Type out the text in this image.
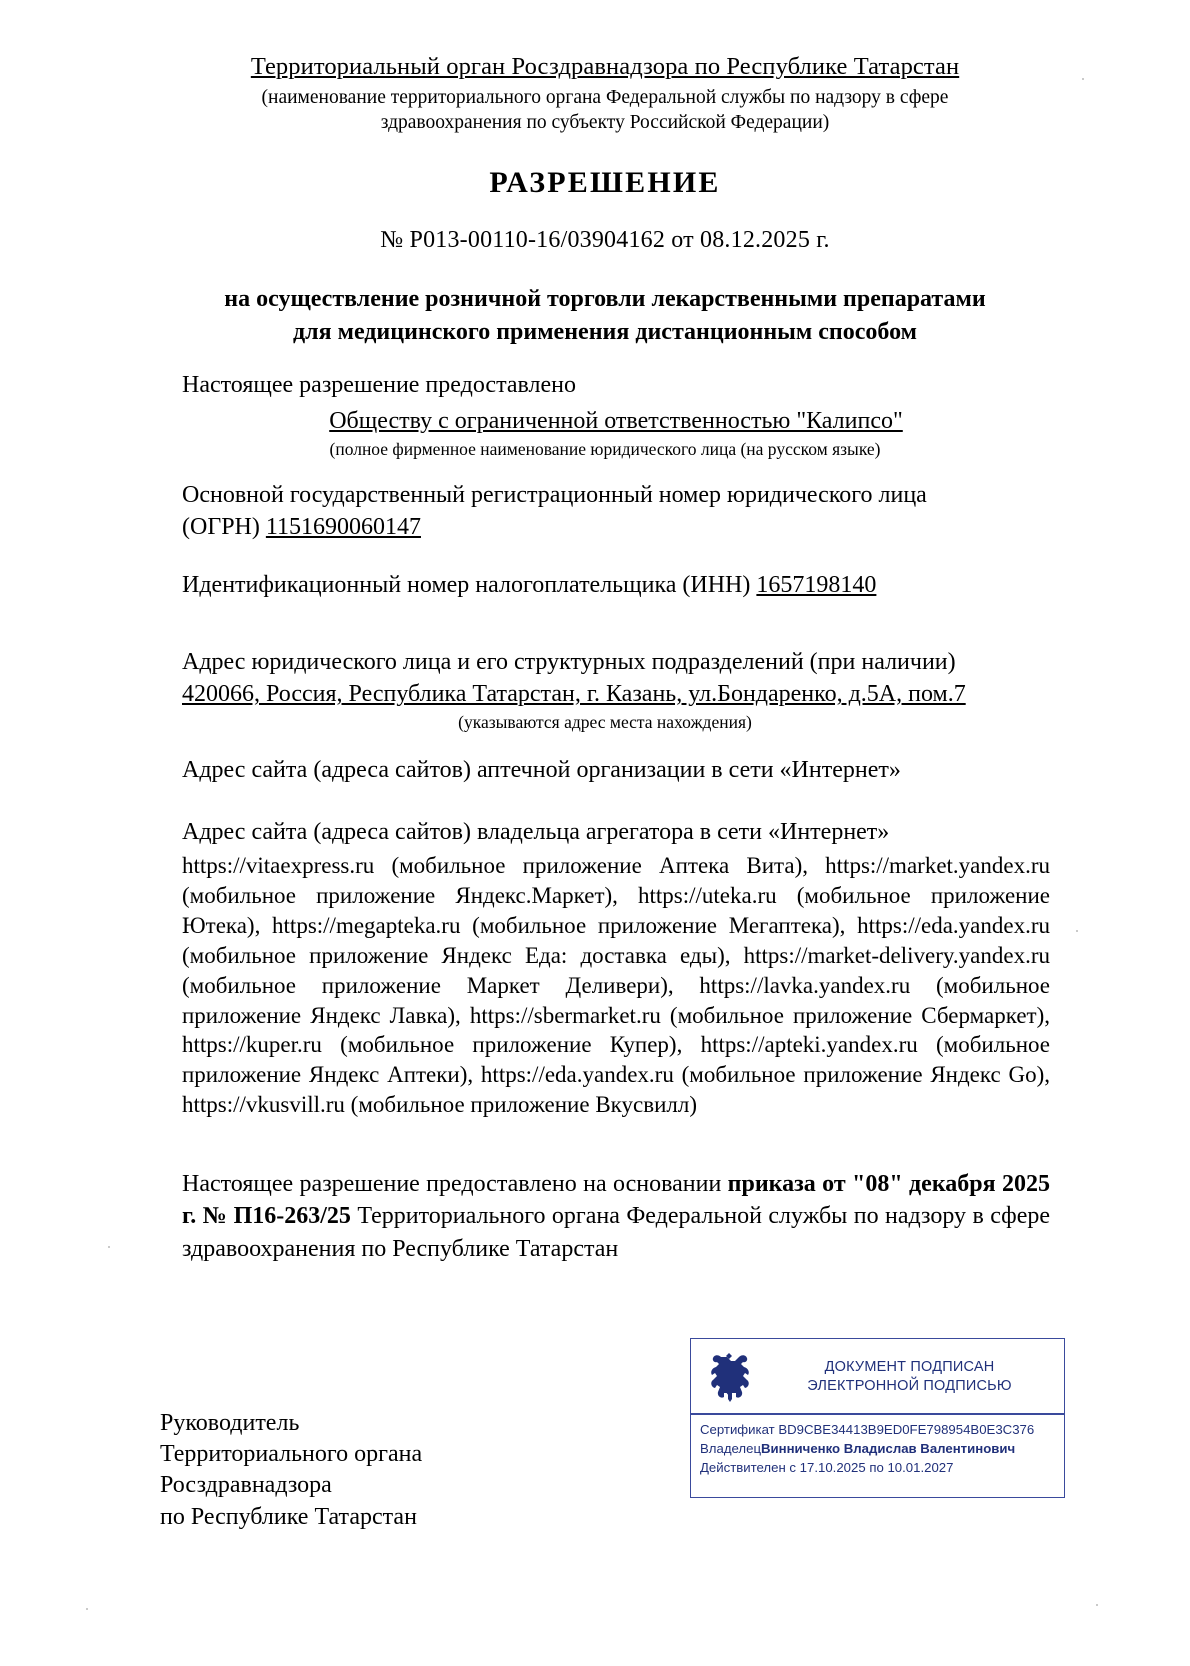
Территориальный орган Росздравнадзора по Республике Татарстан
(наименование территориального органа Федеральной службы по надзору в сфере
здравоохранения по субъекту Российской Федерации)
РАЗРЕШЕНИЕ
№ Р013-00110-16/03904162 от 08.12.2025 г.
на осуществление розничной торговли лекарственными препаратами
для медицинского применения дистанционным способом
Настоящее разрешение предоставлено
Обществу с ограниченной ответственностью "Калипсо"
(полное фирменное наименование юридического лица (на русском языке)
Основной государственный регистрационный номер юридического лица
(ОГРН) 1151690060147
Идентификационный номер налогоплательщика (ИНН) 1657198140
Адрес юридического лица и его структурных подразделений (при наличии)
420066, Россия, Республика Татарстан, г. Казань, ул.Бондаренко, д.5А, пом.7
(указываются адрес места нахождения)
Адрес сайта (адреса сайтов) аптечной организации в сети «Интернет»
Адрес сайта (адреса сайтов) владельца агрегатора в сети «Интернет»
https://vitaexpress.ru (мобильное приложение Аптека Вита), https://market.yandex.ru (мобильное приложение Яндекс.Маркет), https://uteka.ru (мобильное приложение Ютека), https://megapteka.ru (мобильное приложение Мегаптека), https://eda.yandex.ru (мобильное приложение Яндекс Еда: доставка еды), https://market-delivery.yandex.ru (мобильное приложение Маркет Деливери), https://lavka.yandex.ru (мобильное приложение Яндекс Лавка), https://sbermarket.ru (мобильное приложение Сбермаркет), https://kuper.ru (мобильное приложение Купер), https://apteki.yandex.ru (мобильное приложение Яндекс Аптеки), https://eda.yandex.ru (мобильное приложение Яндекс Go), https://vkusvill.ru (мобильное приложение Вкусвилл)
Настоящее разрешение предоставлено на основании приказа от "08" декабря 2025 г. № П16-263/25 Территориального органа Федеральной службы по надзору в сфере здравоохранения по Республике Татарстан
Руководитель
Территориального органа
Росздравнадзора
по Республике Татарстан
ДОКУМЕНТ ПОДПИСАН
ЭЛЕКТРОННОЙ ПОДПИСЬЮ
Сертификат BD9CBE34413B9ED0FE798954B0E3C376
ВладелецВинниченко Владислав Валентинович
Действителен с 17.10.2025 по 10.01.2027
